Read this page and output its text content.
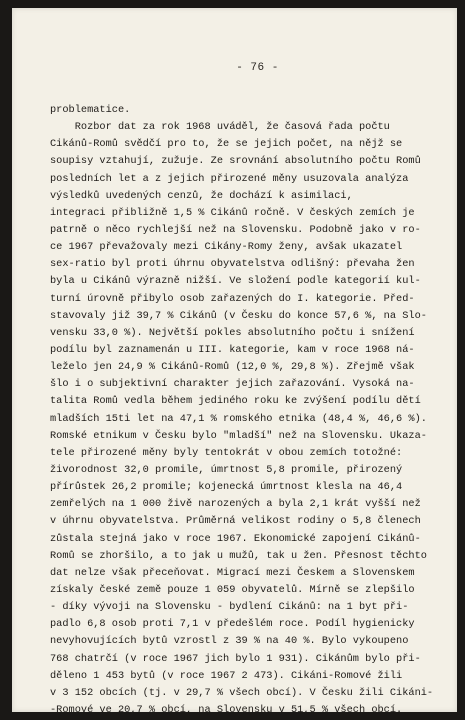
- 76 -
problematice.
Rozbor dat za rok 1968 uváděl, že časová řada počtu
Cikánů-Romů svědčí pro to, že se jejich počet, na nějž se
soupisy vztahují, zužuje. Ze srovnání absolutního počtu Romů
posledních let a z jejich přirozené měny usuzovala analýza
výsledků uvedených cenzů, že dochází k asimilaci,
integraci přibližně 1,5 % Cikánů ročně. V českých zemích je
patrně o něco rychlejší než na Slovensku. Podobně jako v ro-
ce 1967 převažovaly mezi Cikány-Romy ženy, avšak ukazatel
sex-ratio byl proti úhrnu obyvatelstva odlišný: převaha žen
byla u Cikánů výrazně nižší. Ve složení podle kategorií kul-
turní úrovně přibylo osob zařazených do I. kategorie. Před-
stavovaly již 39,7 % Cikánů (v Česku do konce 57,6 %, na Slo-
vensku 33,0 %). Největší pokles absolutního počtu i snížení
podílu byl zaznamenán u III. kategorie, kam v roce 1968 ná-
leželo jen 24,9 % Cikánů-Romů (12,0 %, 29,8 %). Zřejmě však
šlo i o subjektivní charakter jejich zařazování. Vysoká na-
talita Romů vedla během jediného roku ke zvýšení podílu dětí
mladších 15ti let na 47,1 % romského etnika (48,4 %, 46,6 %).
Romské etnikum v Česku bylo "mladší" než na Slovensku. Ukaza-
tele přirozené měny byly tentokrát v obou zemích totožné:
živorodnost 32,0 promile, úmrtnost 5,8 promile, přirozený
přírůstek 26,2 promile; kojenecká úmrtnost klesla na 46,4
zemřelých na 1 000 živě narozených a byla 2,1 krát vyšší než
v úhrnu obyvatelstva. Průměrná velikost rodiny o 5,8 členech
zůstala stejná jako v roce 1967. Ekonomické zapojení Cikánů-
Romů se zhoršilo, a to jak u mužů, tak u žen. Přesnost těchto
dat nelze však přeceňovat. Migrací mezi Českem a Slovenskem
získaly české země pouze 1 059 obyvatelů. Mírně se zlepšilo
- díky vývoji na Slovensku - bydlení Cikánů: na 1 byt při-
padlo 6,8 osob proti 7,1 v předešlém roce. Podíl hygienicky
nevyhovujících bytů vzrostl z 39 % na 40 %. Bylo vykoupeno
768 chatrčí (v roce 1967 jich bylo 1 931). Cikánům bylo při-
děleno 1 453 bytů (v roce 1967 2 473). Cikáni-Romové žili
v 3 152 obcích (tj. v 29,7 % všech obcí). V Česku žili Cikáni-
-Romové ve 20,7 % obcí, na Slovensku v 51,5 % všech obcí.
